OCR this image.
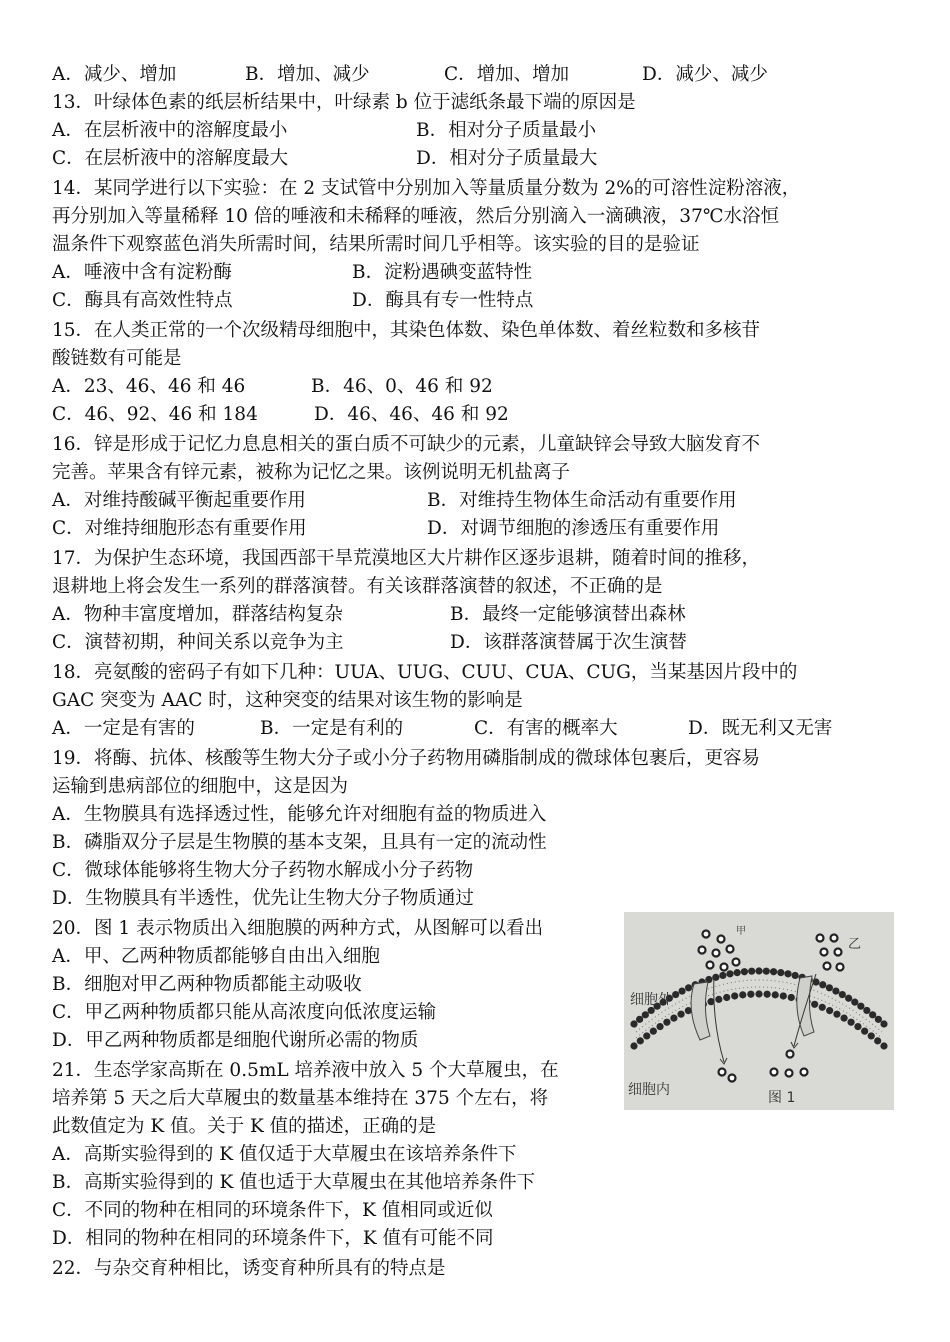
A．减少、增加	B．增加、减少	C．增加、增加	D．减少、减少
13．叶绿体色素的纸层析结果中，叶绿素 b 位于滤纸条最下端的原因是
A．在层析液中的溶解度最小	B．相对分子质量最小
C．在层析液中的溶解度最大	D．相对分子质量最大
14．某同学进行以下实验：在 2 支试管中分别加入等量质量分数为 2%的可溶性淀粉溶液，
再分别加入等量稀释 10 倍的唾液和未稀释的唾液，然后分别滴入一滴碘液，37℃水浴恒
温条件下观察蓝色消失所需时间，结果所需时间几乎相等。该实验的目的是验证
A．唾液中含有淀粉酶	B．淀粉遇碘变蓝特性
C．酶具有高效性特点	D．酶具有专一性特点
15．在人类正常的一个次级精母细胞中，其染色体数、染色单体数、着丝粒数和多核苷
酸链数有可能是
A．23、46、46 和 46	B．46、0、46 和 92
C．46、92、46 和 184	D．46、46、46 和 92
16．锌是形成于记忆力息息相关的蛋白质不可缺少的元素，儿童缺锌会导致大脑发育不
完善。苹果含有锌元素，被称为记忆之果。该例说明无机盐离子
A．对维持酸碱平衡起重要作用	B．对维持生物体生命活动有重要作用
C．对维持细胞形态有重要作用	D．对调节细胞的渗透压有重要作用
17．为保护生态环境，我国西部干旱荒漠地区大片耕作区逐步退耕，随着时间的推移，
退耕地上将会发生一系列的群落演替。有关该群落演替的叙述，不正确的是
A．物种丰富度增加，群落结构复杂	B．最终一定能够演替出森林
C．演替初期，种间关系以竞争为主	D．该群落演替属于次生演替
18．亮氨酸的密码子有如下几种：UUA、UUG、CUU、CUA、CUG，当某基因片段中的
GAC 突变为 AAC 时，这种突变的结果对该生物的影响是
A．一定是有害的	B．一定是有利的	C．有害的概率大	D．既无利又无害
19．将酶、抗体、核酸等生物大分子或小分子药物用磷脂制成的微球体包裹后，更容易
运输到患病部位的细胞中，这是因为
A．生物膜具有选择透过性，能够允许对细胞有益的物质进入
B．磷脂双分子层是生物膜的基本支架，且具有一定的流动性
C．微球体能够将生物大分子药物水解成小分子药物
D．生物膜具有半透性，优先让生物大分子物质通过
20．图 1 表示物质出入细胞膜的两种方式，从图解可以看出
A．甲、乙两种物质都能够自由出入细胞
B．细胞对甲乙两种物质都能主动吸收
C．甲乙两种物质都只能从高浓度向低浓度运输
D．甲乙两种物质都是细胞代谢所必需的物质
21．生态学家高斯在 0.5mL 培养液中放入 5 个大草履虫，在
培养第 5 天之后大草履虫的数量基本维持在 375 个左右，将
此数值定为 K 值。关于 K 值的描述，正确的是
A．高斯实验得到的 K 值仅适于大草履虫在该培养条件下
B．高斯实验得到的 K 值也适于大草履虫在其他培养条件下
C．不同的物种在相同的环境条件下，K 值相同或近似
D．相同的物种在相同的环境条件下，K 值有可能不同
22．与杂交育种相比，诱变育种所具有的特点是
甲
乙
细胞外
细胞内	图 1
